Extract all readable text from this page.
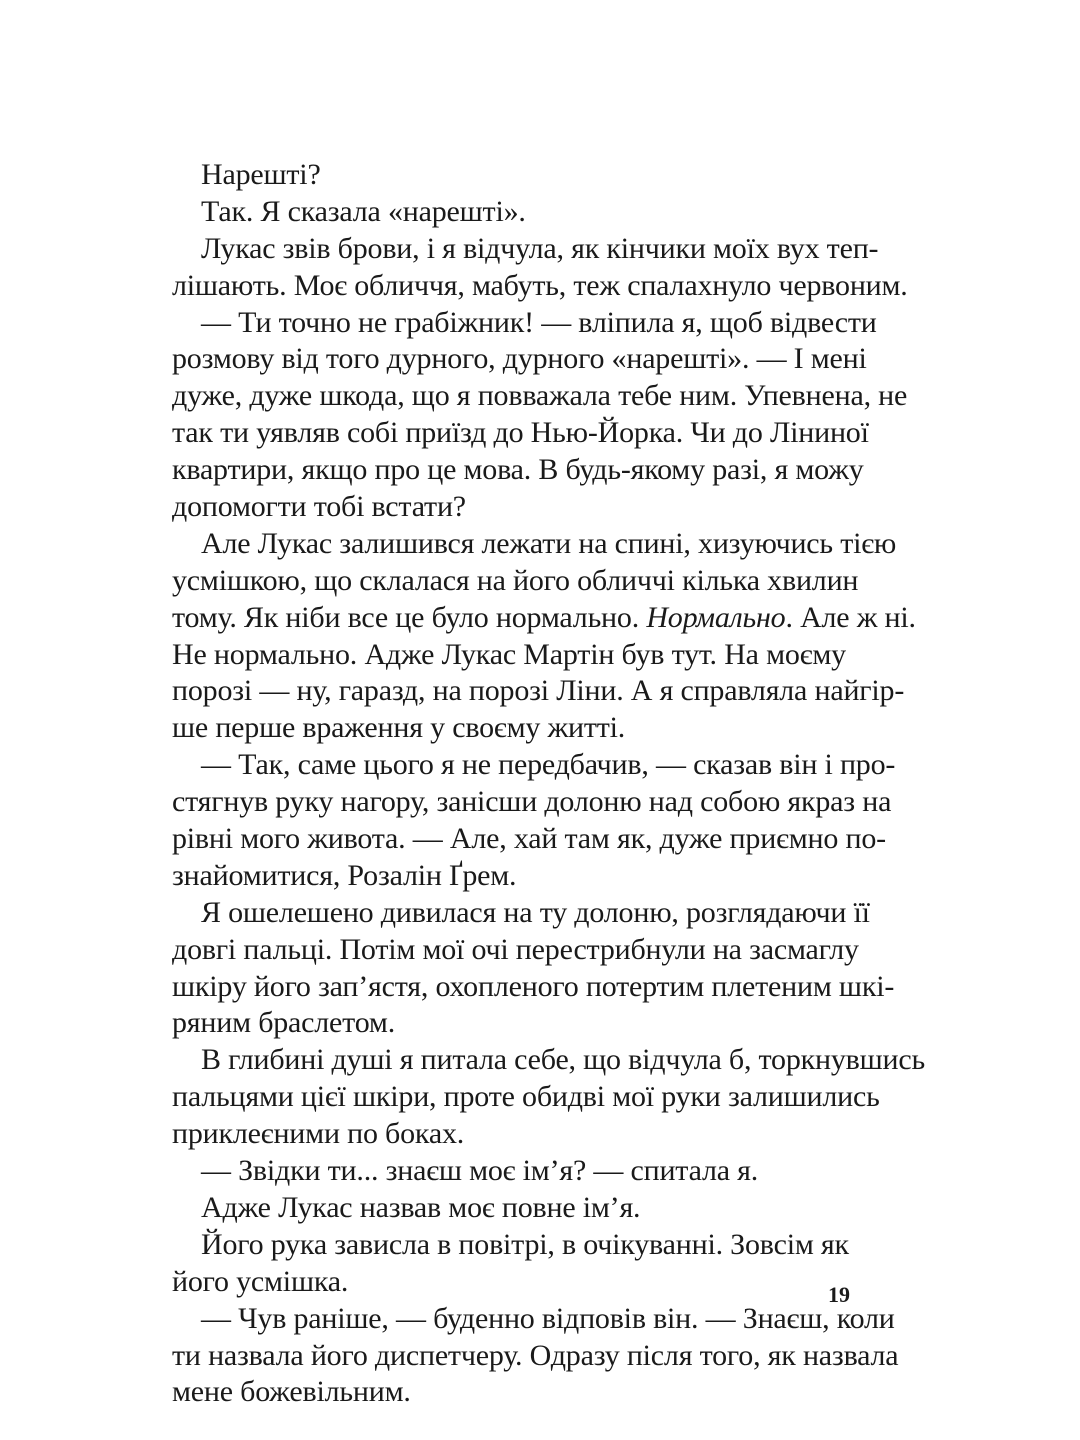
Нарешті?
Так. Я сказала «нарешті».
Лукас звів брови, і я відчула, як кінчики моїх вух теп-
лішають. Моє обличчя, мабуть, теж спалахнуло червоним.
— Ти точно не грабіжник! — вліпила я, щоб відвести
розмову від того дурного, дурного «нарешті». — І мені
дуже, дуже шкода, що я повважала тебе ним. Упевнена, не
так ти уявляв собі приїзд до Нью-Йорка. Чи до Ліниної
квартири, якщо про це мова. В будь-якому разі, я можу
допомогти тобі встати?
Але Лукас залишився лежати на спині, хизуючись тією
усмішкою, що склалася на його обличчі кілька хвилин
тому. Як ніби все це було нормально. Нормально. Але ж ні.
Не нормально. Адже Лукас Мартін був тут. На моєму
порозі — ну, гаразд, на порозі Ліни. А я справляла найгір-
ше перше враження у своєму житті.
— Так, саме цього я не передбачив, — сказав він і про-
стягнув руку нагору, занісши долоню над собою якраз на
рівні мого живота. — Але, хай там як, дуже приємно по-
знайомитися, Розалін Ґрем.
Я ошелешено дивилася на ту долоню, розглядаючи її
довгі пальці. Потім мої очі перестрибнули на засмаглу
шкіру його зап’ястя, охопленого потертим плетеним шкі-
ряним браслетом.
В глибині душі я питала себе, що відчула б, торкнувшись
пальцями цієї шкіри, проте обидві мої руки залишились
приклеєними по боках.
— Звідки ти... знаєш моє ім’я? — спитала я.
Адже Лукас назвав моє повне ім’я.
Його рука зависла в повітрі, в очікуванні. Зовсім як
його усмішка.
— Чув раніше, — буденно відповів він. — Знаєш, коли
ти назвала його диспетчеру. Одразу після того, як назвала
мене божевільним.
19
